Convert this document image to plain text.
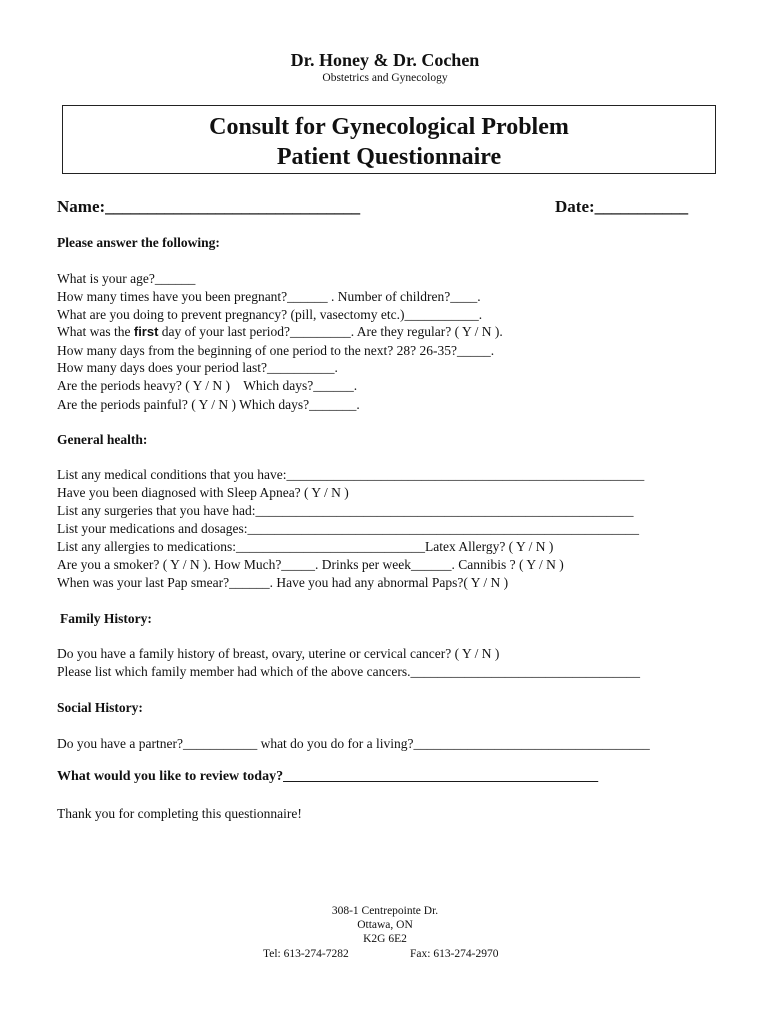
Dr. Honey & Dr. Cochen
Obstetrics and Gynecology
Consult for Gynecological Problem
Patient Questionnaire
Name:______________________________	Date:___________
Please answer the following:
What is your age?______
How many times have you been pregnant?______ . Number of children?____.
What are you doing to prevent pregnancy? (pill, vasectomy etc.)___________.
What was the first day of your last period?_________. Are they regular? ( Y / N ).
How many days from the beginning of one period to the next? 28? 26-35?_____.
How many days does your period last?__________.
Are the periods heavy? ( Y / N )    Which days?______.
Are the periods painful? ( Y / N ) Which days?_______.
General health:
List any medical conditions that you have:_____________________________________________________
Have you been diagnosed with Sleep Apnea? ( Y / N )
List any surgeries that you have had:________________________________________________________
List your medications and dosages:__________________________________________________________
List any allergies to medications:____________________________Latex Allergy? ( Y / N )
Are you a smoker? ( Y / N ). How Much?_____. Drinks per week______. Cannibis ? ( Y / N )
When was your last Pap smear?______. Have you had any abnormal Paps?( Y / N )
Family History:
Do you have a family history of breast, ovary, uterine or cervical cancer? ( Y / N )
Please list which family member had which of the above cancers.__________________________________
Social History:
Do you have a partner?___________ what do you do for a living?___________________________________
What would you like to review today?_____________________________________________
Thank you for completing this questionnaire!
308-1 Centrepointe Dr.
Ottawa, ON
K2G 6E2
Tel: 613-274-7282	Fax: 613-274-2970
